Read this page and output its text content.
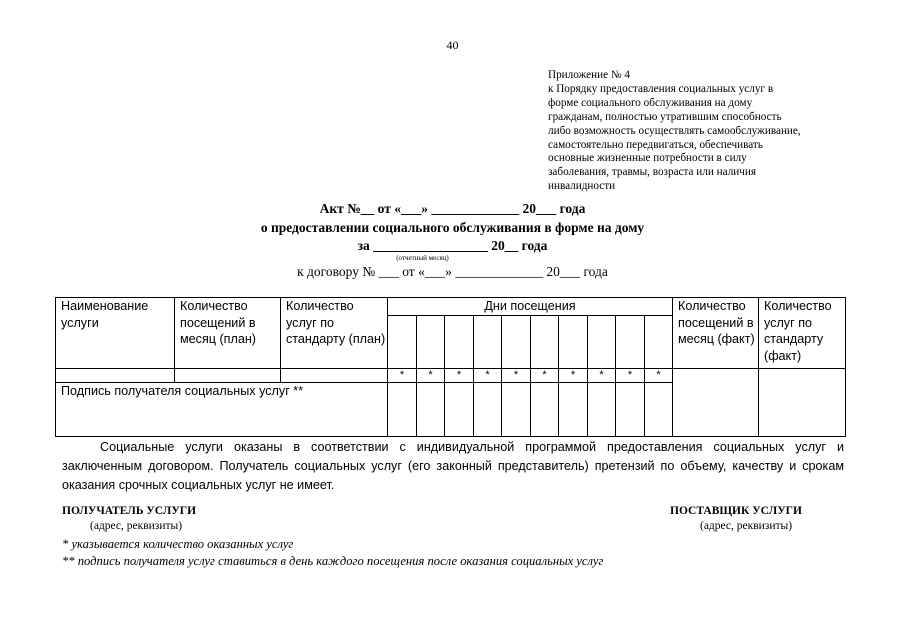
40
Приложение № 4
к Порядку предоставления социальных услуг в
форме социального обслуживания на дому
гражданам, полностью утратившим способность
либо возможность осуществлять самообслуживание,
самостоятельно передвигаться, обеспечивать
основные жизненные потребности в силу
заболевания, травмы, возраста или наличия
инвалидности
Акт №__ от «___» _____________ 20___ года
о предоставлении социального обслуживания в форме на дому
за _________________ 20__ года
(отчетный месяц)
к договору № ___ от «___» _____________ 20___ года
Наименование услуги	Количество посещений в месяц (план)	Количество услуг по стандарту (план)	Дни посещения										Количество посещений в месяц (факт)	Количество услуг по стандарту (факт)

			*	*	*	*	*	*	*	*	*	*		
Подпись получателя социальных услуг **														
Социальные услуги оказаны в соответствии с индивидуальной программой предоставления социальных услуг и заключенным договором. Получатель социальных услуг (его законный представитель) претензий по объему, качеству и срокам оказания срочных социальных услуг не имеет.
ПОЛУЧАТЕЛЬ УСЛУГИ
(адрес, реквизиты)
ПОСТАВЩИК УСЛУГИ
(адрес, реквизиты)
* указывается количество оказанных услуг
** подпись получателя услуг ставиться в день каждого посещения после оказания социальных услуг
